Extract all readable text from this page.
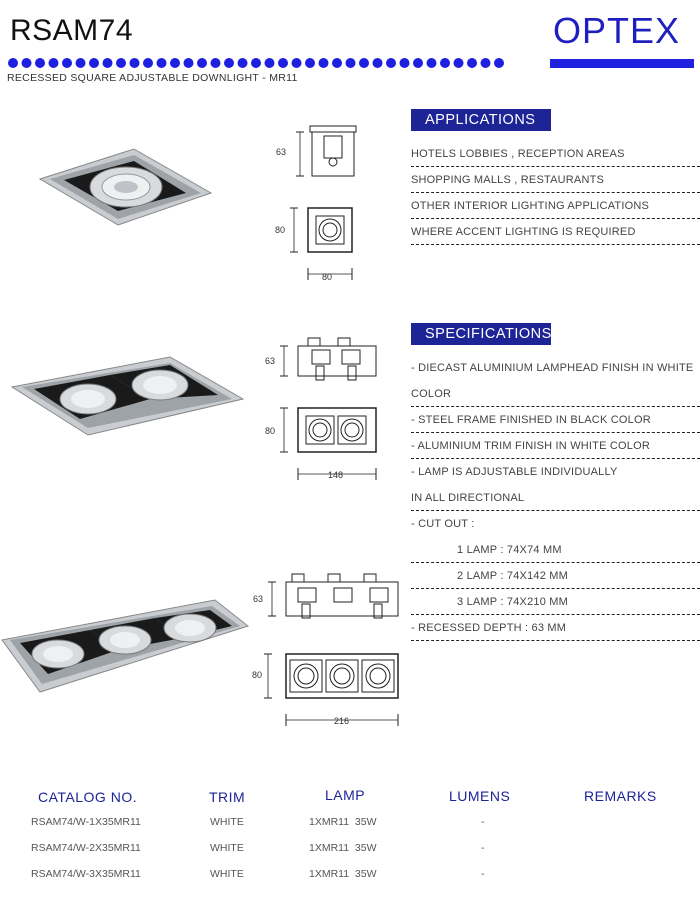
RSAM74	OPTEX
RECESSED SQUARE ADJUSTABLE DOWNLIGHT - MR11
63
80
80
63
80
148
63
80
216
APPLICATIONS
HOTELS LOBBIES , RECEPTION AREAS
SHOPPING MALLS , RESTAURANTS
OTHER INTERIOR LIGHTING APPLICATIONS
WHERE ACCENT LIGHTING IS REQUIRED
SPECIFICATIONS
- DIECAST ALUMINIUM LAMPHEAD FINISH IN WHITE
COLOR
- STEEL FRAME FINISHED IN BLACK COLOR
- ALUMINIUM TRIM FINISH IN WHITE COLOR
- LAMP IS ADJUSTABLE INDIVIDUALLY
IN ALL DIRECTIONAL
- CUT OUT :
1 LAMP : 74X74 MM
2 LAMP : 74X142 MM
3 LAMP : 74X210 MM
- RECESSED DEPTH : 63 MM
CATALOG NO.	TRIM	LAMP	LUMENS	REMARKS
RSAM74/W-1X35MR11	WHITE	1XMR11  35W	-
RSAM74/W-2X35MR11	WHITE	1XMR11  35W	-
RSAM74/W-3X35MR11	WHITE	1XMR11  35W	-
